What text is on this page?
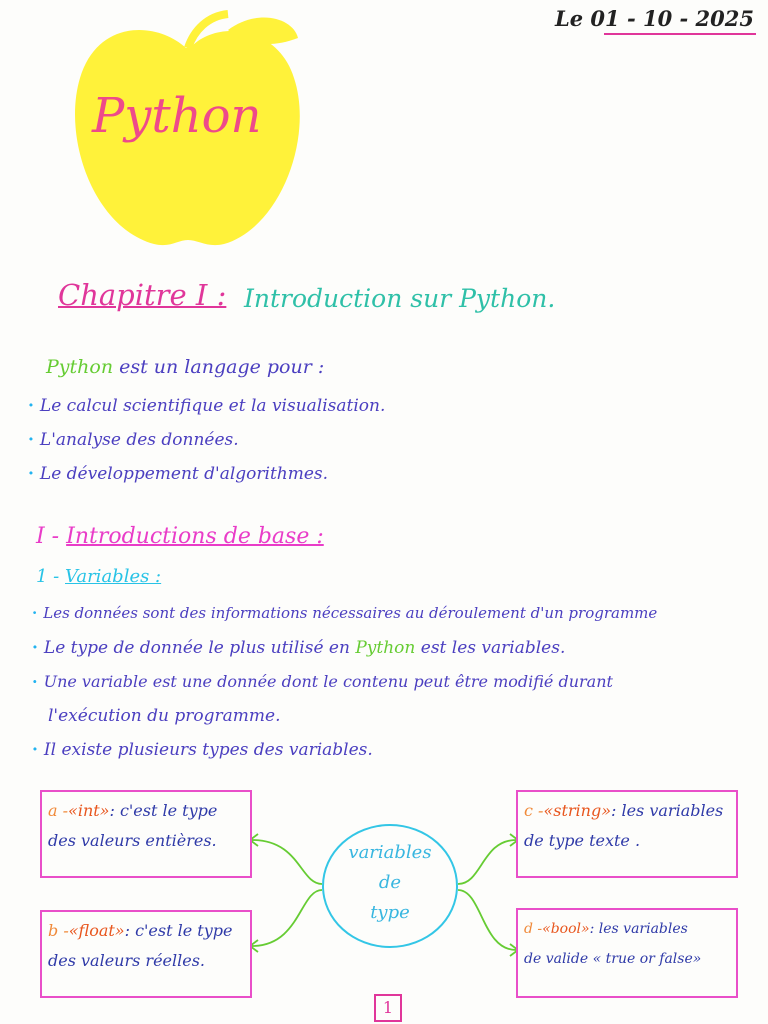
Le 01 - 10 - 2025
Python
Chapitre I : Introduction sur Python.
Python est un langage pour :
· Le calcul scientifique et la visualisation.
· L'analyse des données.
· Le développement d'algorithmes.
I - Introductions de base :
1 - Variables :
· Les données sont des informations nécessaires au déroulement d'un programme
· Le type de donnée le plus utilisé en Python est les variables.
· Une variable est une donnée dont le contenu peut être modifié durant
l'exécution du programme.
· Il existe plusieurs types des variables.
variables
de
type
a -«int»: c'est le type
des valeurs entières.
b -«float»: c'est le type
des valeurs réelles.
c -«string»: les variables
de type texte .
d -«bool»: les variables
de valide « true or false»
1
